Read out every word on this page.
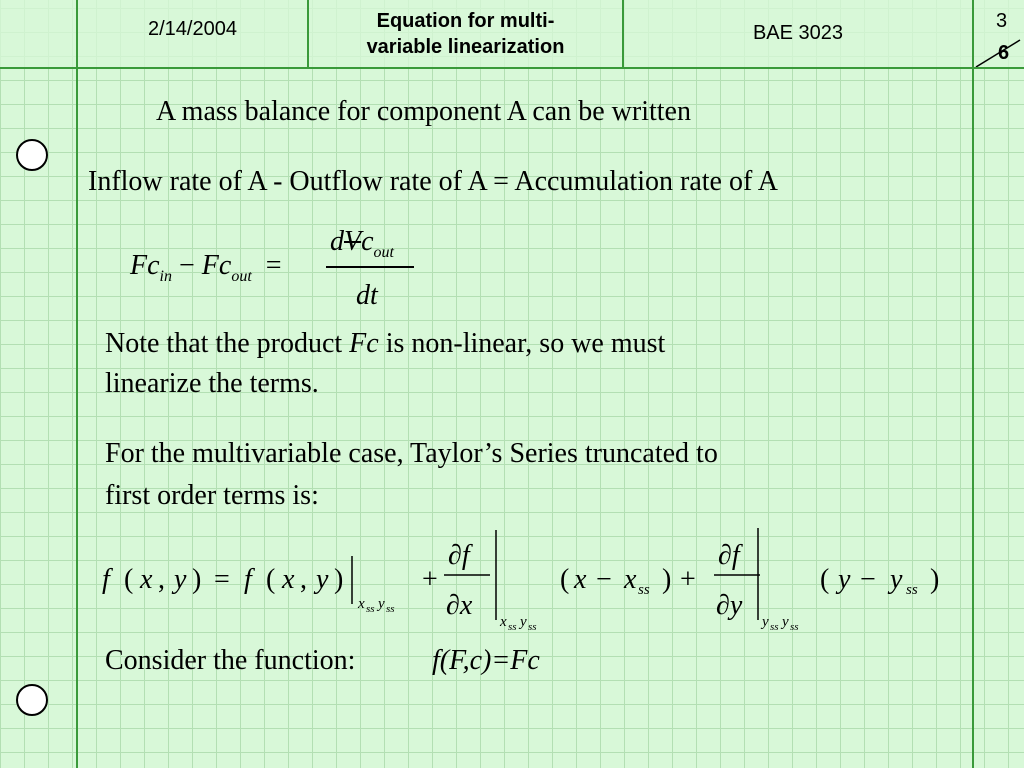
2/14/2004	Equation for multi-
variable linearization
BAE 3023
3
6
A mass balance for component A can be written
Inflow rate of A - Outflow rate of A = Accumulation rate of A
$Fc_{in} - Fc_{out}$  =
dVc$_{out}$
dt
Note that the product Fc is non-linear, so we must
linearize the terms.
For the multivariable case, Taylor’s Series truncated to
first order terms is:
f ( x , y ) = f ( x , y )
x ss y ss
+
∂f
∂x
x ss y ss
( x − x ss ) +
∂f
∂y
y ss y ss
( y − y ss )
Consider the function:	f(F,c)=Fc
